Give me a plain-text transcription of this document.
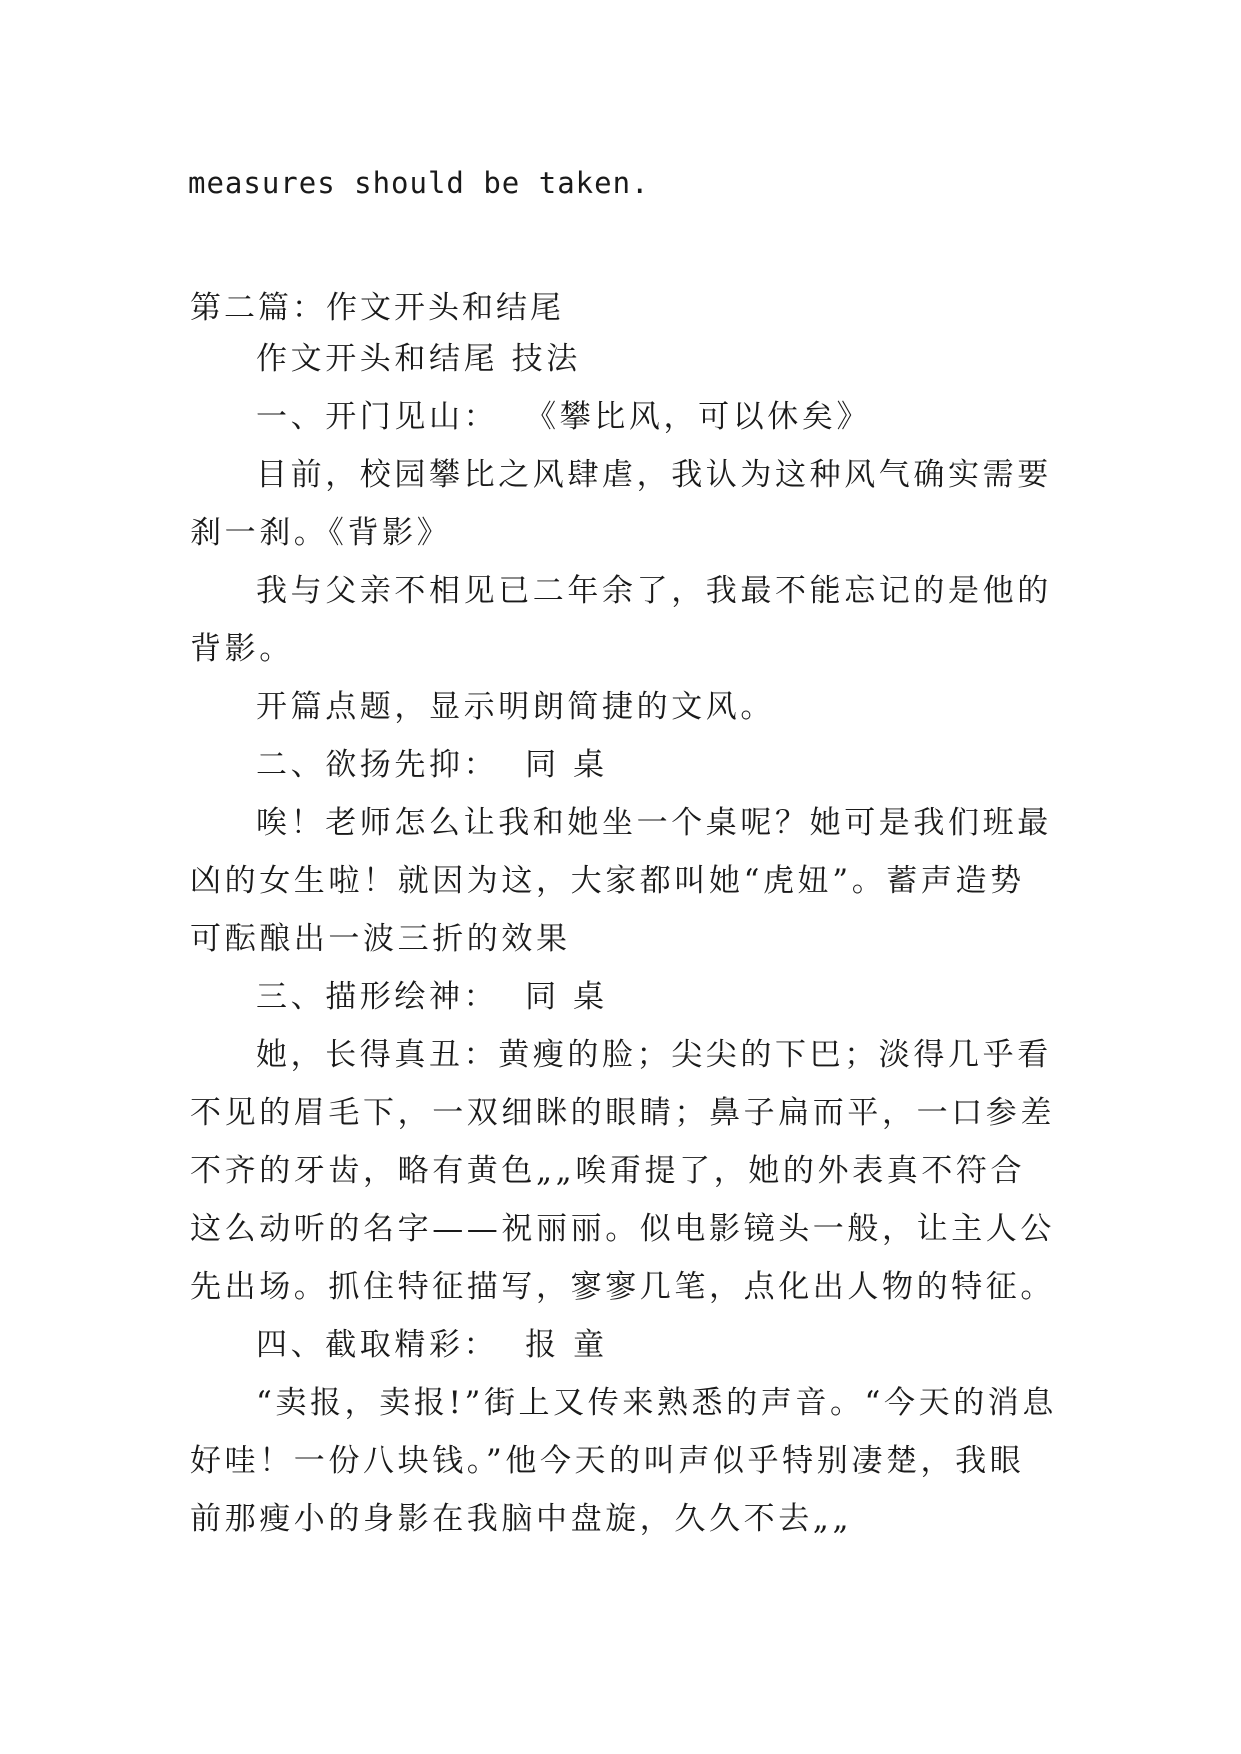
measures should be taken.
第二篇：作文开头和结尾

作文开头和结尾 技法

一、开门见山：  《攀比风，可以休矣》

目前，校园攀比之风肆虐，我认为这种风气确实需要刹一刹。《背影》

我与父亲不相见已二年余了，我最不能忘记的是他的背影。

开篇点题，显示明朗简捷的文风。

二、欲扬先抑：  同 桌

唉！老师怎么让我和她坐一个桌呢？她可是我们班最凶的女生啦！就因为这，大家都叫她“虎妞”。蓄声造势可酝酿出一波三折的效果

三、描形绘神：  同 桌

她，长得真丑：黄瘦的脸；尖尖的下巴；淡得几乎看不见的眉毛下，一双细眯的眼睛；鼻子扁而平，一口参差不齐的牙齿，略有黄色„„唉甭提了，她的外表真不符合这么动听的名字——祝丽丽。似电影镜头一般，让主人公先出场。抓住特征描写，寥寥几笔，点化出人物的特征。

四、截取精彩：  报 童

“卖报，卖报!”街上又传来熟悉的声音。“今天的消息好哇！一份八块钱。”他今天的叫声似乎特别凄楚，我眼前那瘦小的身影在我脑中盘旋，久久不去„„
